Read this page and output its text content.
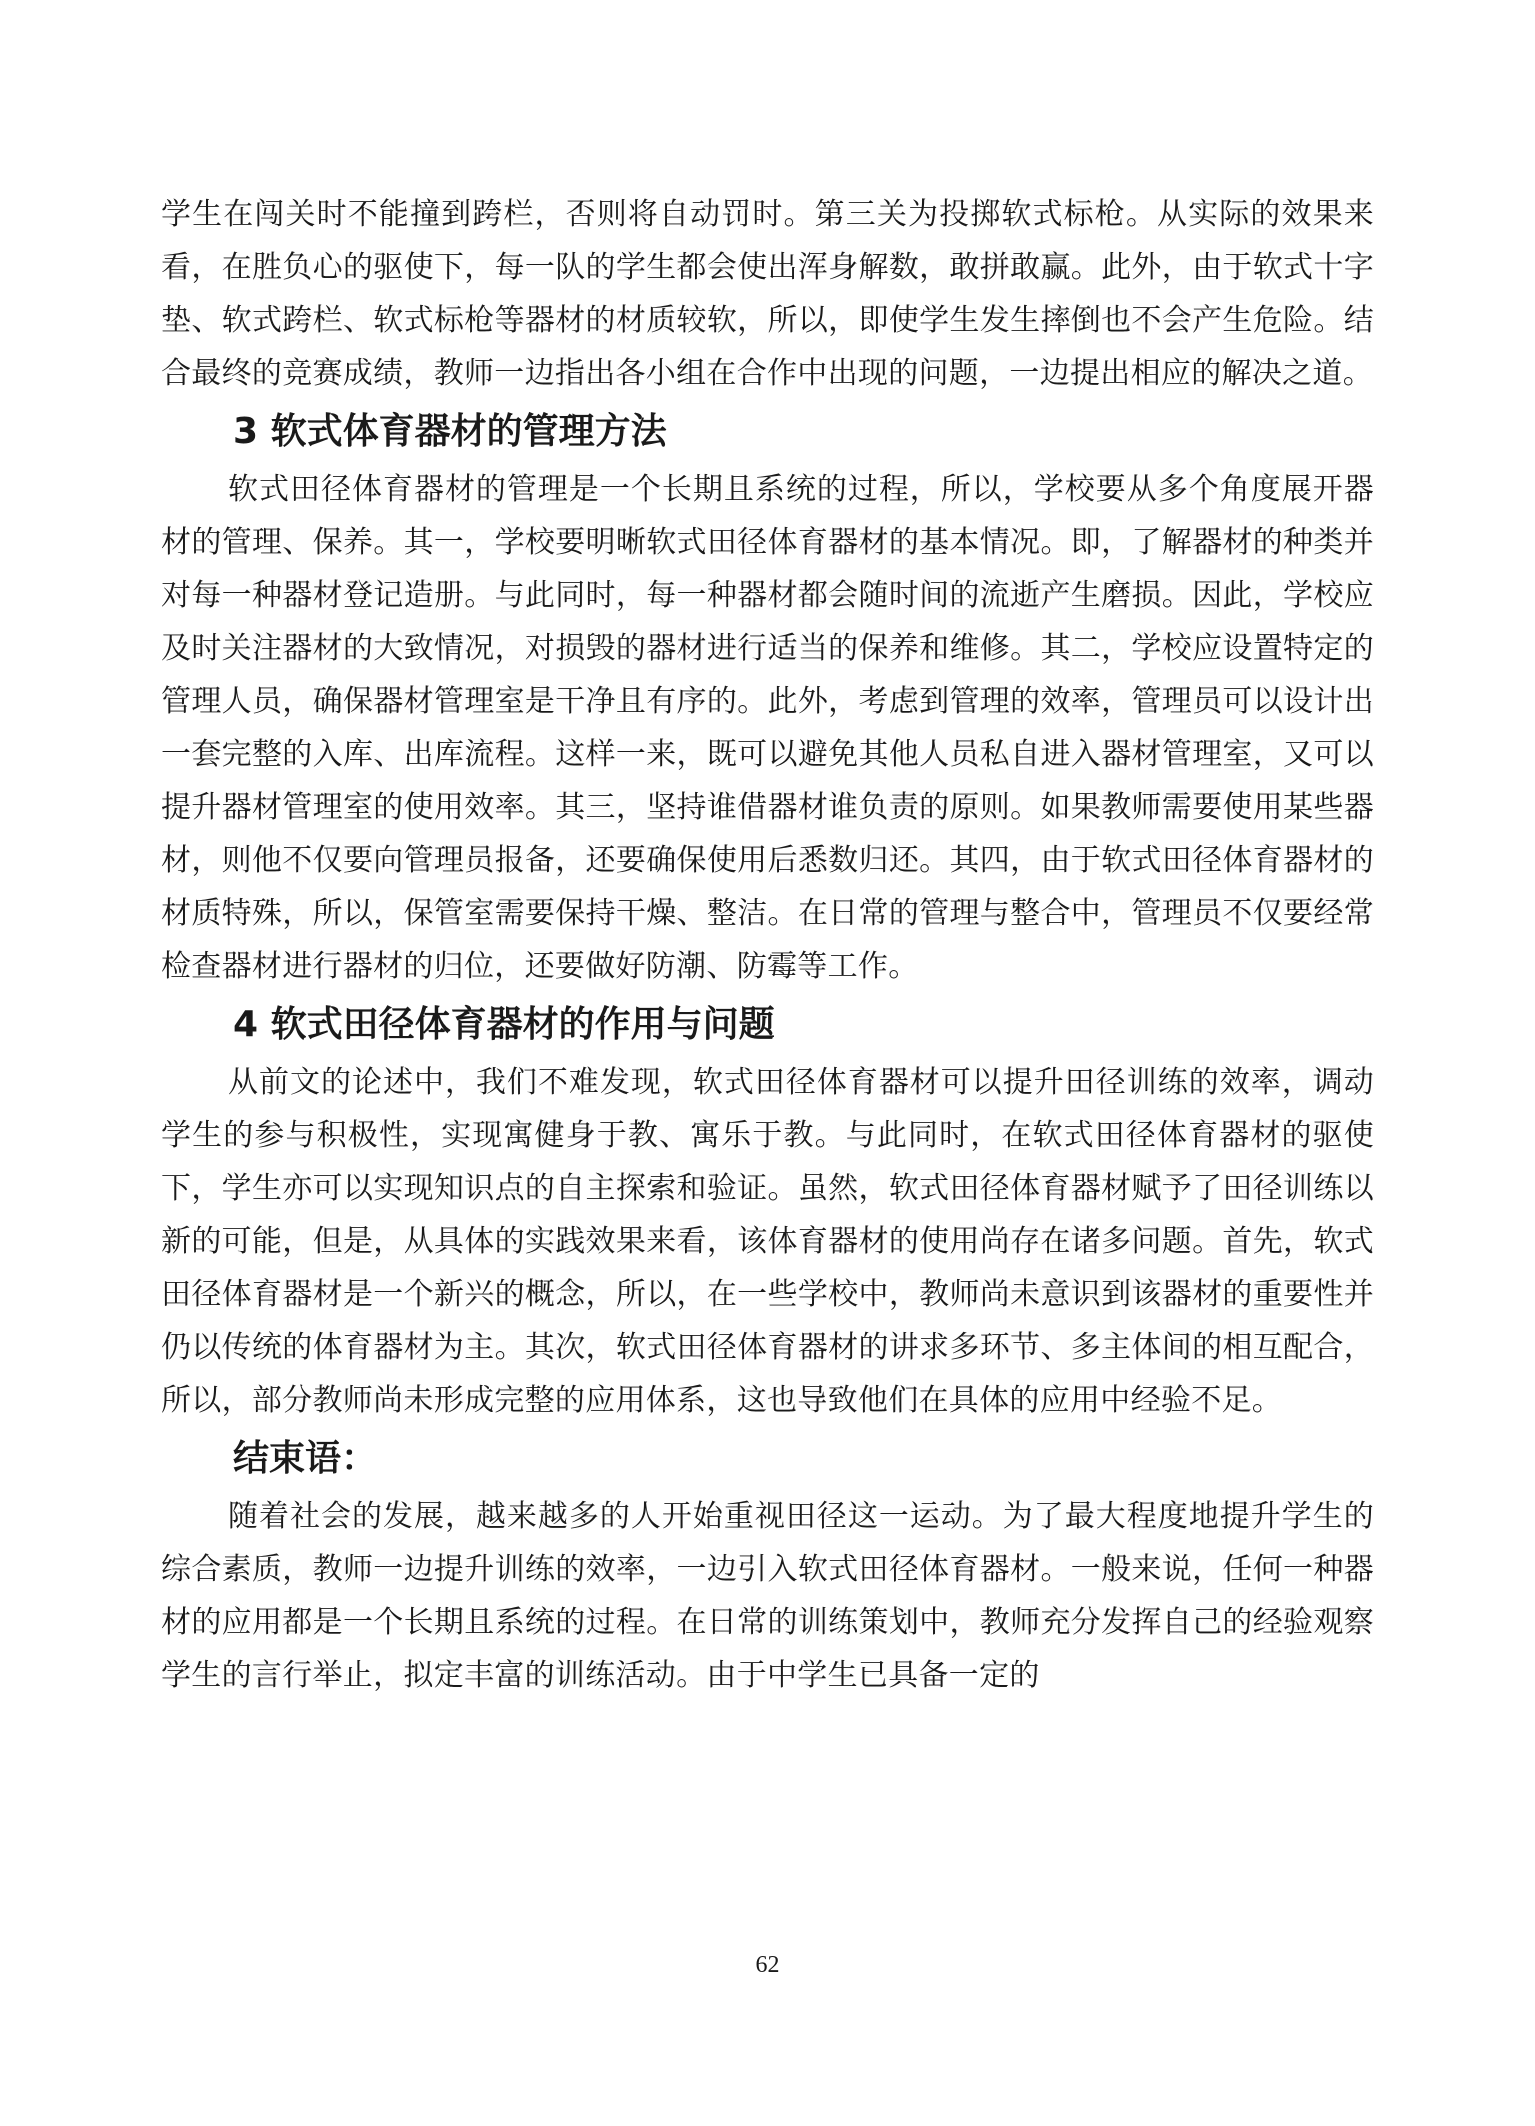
学生在闯关时不能撞到跨栏，否则将自动罚时。第三关为投掷软式标枪。从实际的效果来看，在胜负心的驱使下，每一队的学生都会使出浑身解数，敢拼敢赢。此外，由于软式十字垫、软式跨栏、软式标枪等器材的材质较软，所以，即使学生发生摔倒也不会产生危险。结合最终的竞赛成绩，教师一边指出各小组在合作中出现的问题，一边提出相应的解决之道。

3 软式体育器材的管理方法

软式田径体育器材的管理是一个长期且系统的过程，所以，学校要从多个角度展开器材的管理、保养。其一，学校要明晰软式田径体育器材的基本情况。即，了解器材的种类并对每一种器材登记造册。与此同时，每一种器材都会随时间的流逝产生磨损。因此，学校应及时关注器材的大致情况，对损毁的器材进行适当的保养和维修。其二，学校应设置特定的管理人员，确保器材管理室是干净且有序的。此外，考虑到管理的效率，管理员可以设计出一套完整的入库、出库流程。这样一来，既可以避免其他人员私自进入器材管理室，又可以提升器材管理室的使用效率。其三，坚持谁借器材谁负责的原则。如果教师需要使用某些器材，则他不仅要向管理员报备，还要确保使用后悉数归还。其四，由于软式田径体育器材的材质特殊，所以，保管室需要保持干燥、整洁。在日常的管理与整合中，管理员不仅要经常检查器材进行器材的归位，还要做好防潮、防霉等工作。

4 软式田径体育器材的作用与问题

从前文的论述中，我们不难发现，软式田径体育器材可以提升田径训练的效率，调动学生的参与积极性，实现寓健身于教、寓乐于教。与此同时，在软式田径体育器材的驱使下，学生亦可以实现知识点的自主探索和验证。虽然，软式田径体育器材赋予了田径训练以新的可能，但是，从具体的实践效果来看，该体育器材的使用尚存在诸多问题。首先，软式田径体育器材是一个新兴的概念，所以，在一些学校中，教师尚未意识到该器材的重要性并仍以传统的体育器材为主。其次，软式田径体育器材的讲求多环节、多主体间的相互配合，所以，部分教师尚未形成完整的应用体系，这也导致他们在具体的应用中经验不足。

结束语：

随着社会的发展，越来越多的人开始重视田径这一运动。为了最大程度地提升学生的综合素质，教师一边提升训练的效率，一边引入软式田径体育器材。一般来说，任何一种器材的应用都是一个长期且系统的过程。在日常的训练策划中，教师充分发挥自己的经验观察学生的言行举止，拟定丰富的训练活动。由于中学生已具备一定的

62
